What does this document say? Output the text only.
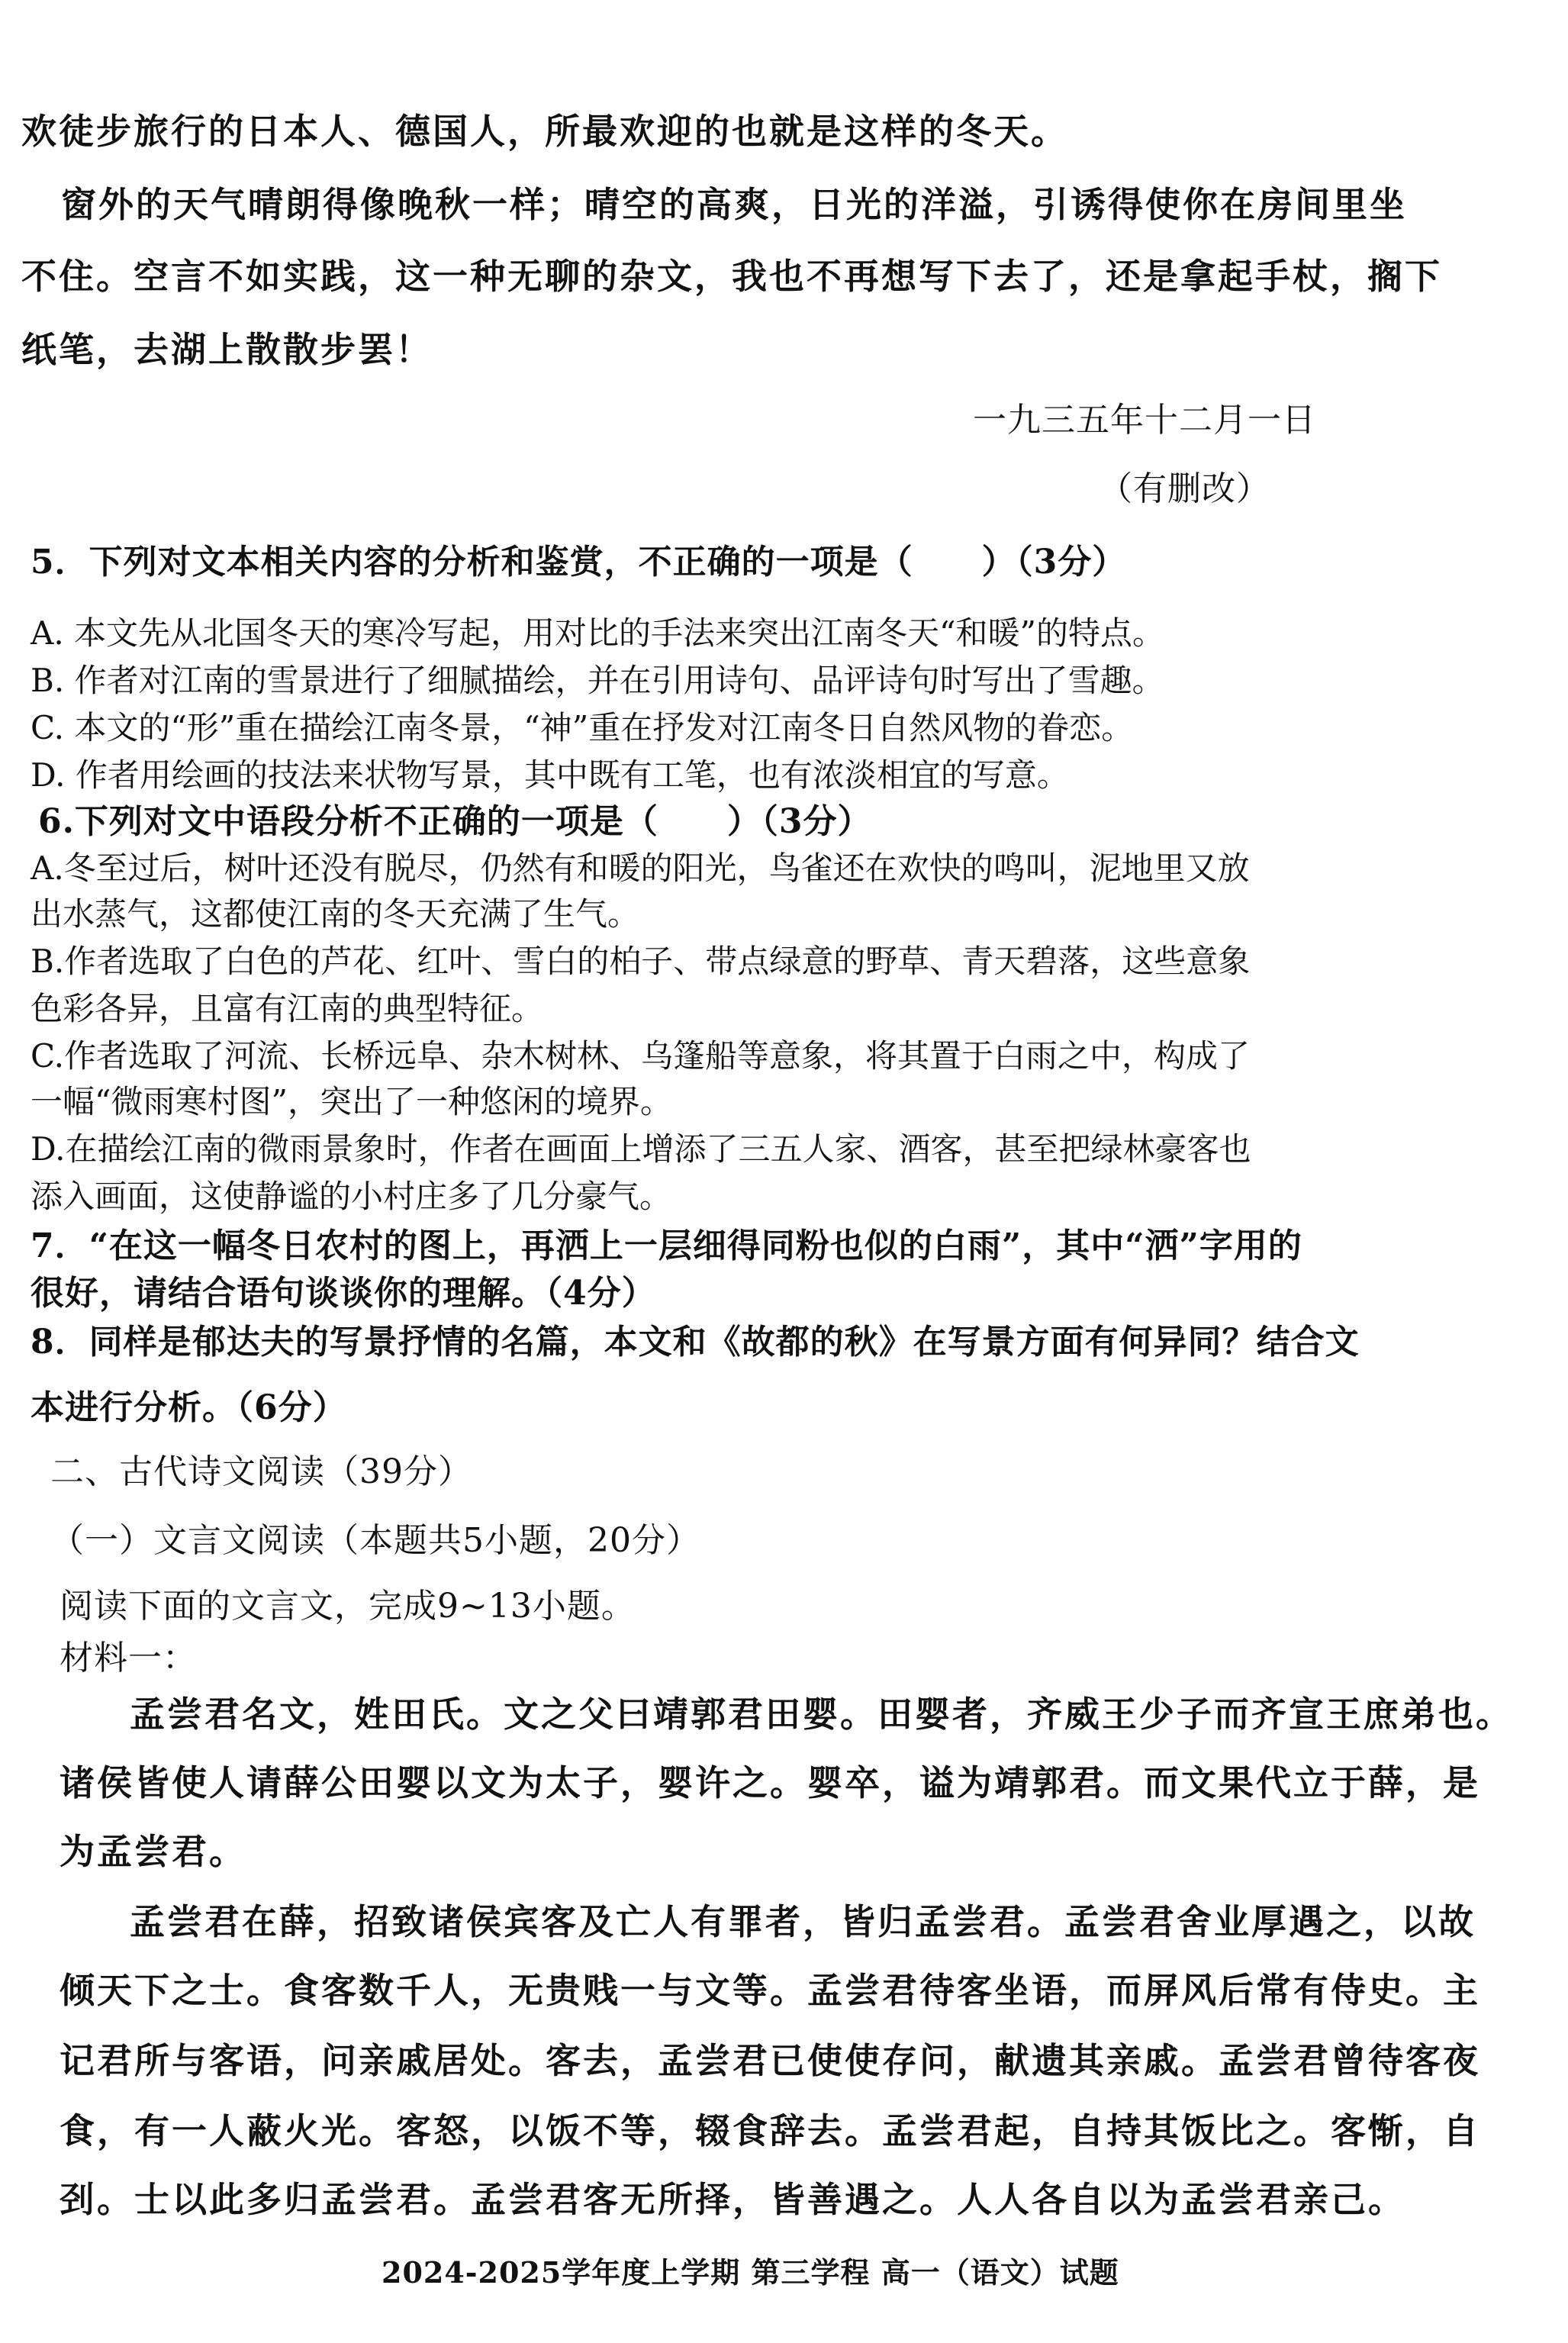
欢徒步旅行的日本人、德国人，所最欢迎的也就是这样的冬天。
窗外的天气晴朗得像晚秋一样；晴空的高爽，日光的洋溢，引诱得使你在房间里坐
不住。空言不如实践，这一种无聊的杂文，我也不再想写下去了，还是拿起手杖，搁下
纸笔，去湖上散散步罢！
一九三五年十二月一日
（有删改）
5．下列对文本相关内容的分析和鉴赏，不正确的一项是（　　）（3分）
A. 本文先从北国冬天的寒冷写起，用对比的手法来突出江南冬天“和暖”的特点。
B. 作者对江南的雪景进行了细腻描绘，并在引用诗句、品评诗句时写出了雪趣。
C. 本文的“形”重在描绘江南冬景，“神”重在抒发对江南冬日自然风物的眷恋。
D. 作者用绘画的技法来状物写景，其中既有工笔，也有浓淡相宜的写意。
6.下列对文中语段分析不正确的一项是（　　）（3分）
A.冬至过后，树叶还没有脱尽，仍然有和暖的阳光，鸟雀还在欢快的鸣叫，泥地里又放
出水蒸气，这都使江南的冬天充满了生气。
B.作者选取了白色的芦花、红叶、雪白的柏子、带点绿意的野草、青天碧落，这些意象
色彩各异，且富有江南的典型特征。
C.作者选取了河流、长桥远阜、杂木树林、乌篷船等意象，将其置于白雨之中，构成了
一幅“微雨寒村图”，突出了一种悠闲的境界。
D.在描绘江南的微雨景象时，作者在画面上增添了三五人家、酒客，甚至把绿林豪客也
添入画面，这使静谧的小村庄多了几分豪气。
7．“在这一幅冬日农村的图上，再洒上一层细得同粉也似的白雨”，其中“洒”字用的
很好，请结合语句谈谈你的理解。（4分）
8．同样是郁达夫的写景抒情的名篇，本文和《故都的秋》在写景方面有何异同？结合文
本进行分析。（6分）
二、古代诗文阅读（39分）
（一）文言文阅读（本题共5小题，20分）
阅读下面的文言文，完成9~13小题。
材料一：
孟尝君名文，姓田氏。文之父曰靖郭君田婴。田婴者，齐威王少子而齐宣王庶弟也。
诸侯皆使人请薛公田婴以文为太子，婴许之。婴卒，谥为靖郭君。而文果代立于薛，是
为孟尝君。
孟尝君在薛，招致诸侯宾客及亡人有罪者，皆归孟尝君。孟尝君舍业厚遇之，以故
倾天下之士。食客数千人，无贵贱一与文等。孟尝君待客坐语，而屏风后常有侍史。主
记君所与客语，问亲戚居处。客去，孟尝君已使使存问，献遗其亲戚。孟尝君曾待客夜
食，有一人蔽火光。客怒，以饭不等，辍食辞去。孟尝君起，自持其饭比之。客惭，自
刭。士以此多归孟尝君。孟尝君客无所择，皆善遇之。人人各自以为孟尝君亲己。
2024-2025学年度上学期 第三学程 高一（语文）试题
